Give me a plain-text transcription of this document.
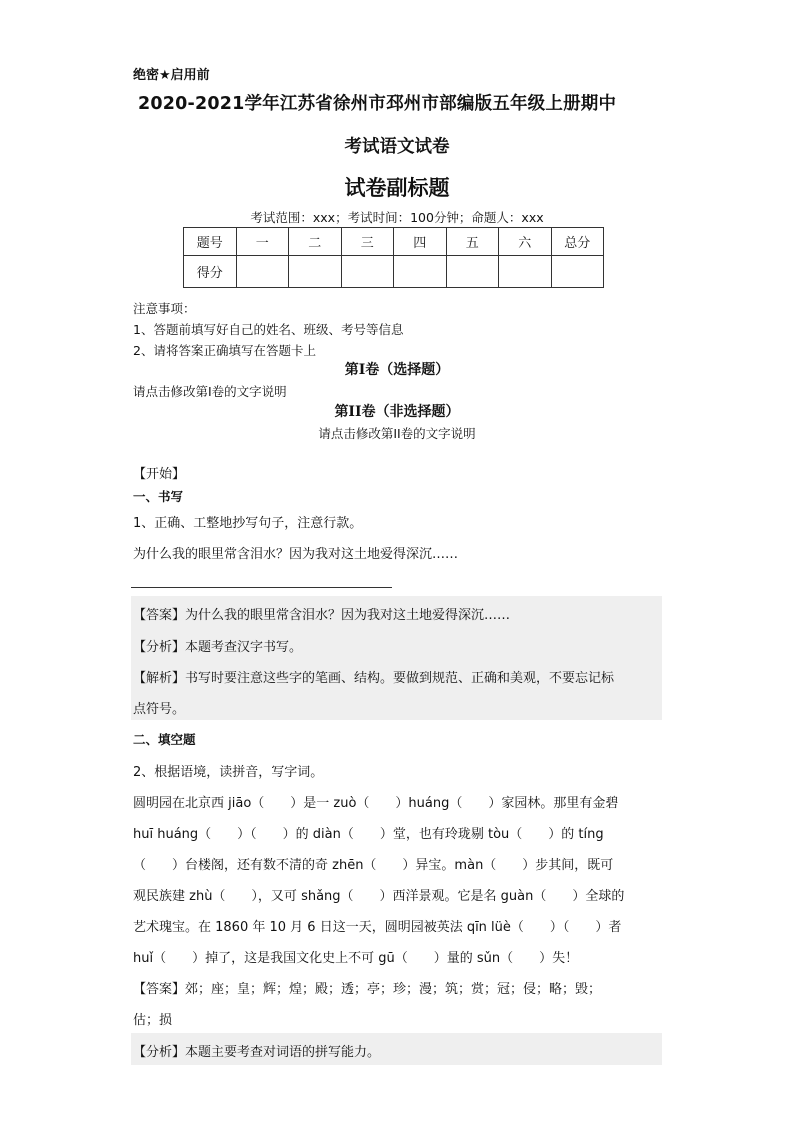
绝密★启用前
2020-2021学年江苏省徐州市邳州市部编版五年级上册期中
考试语文试卷
试卷副标题
考试范围：xxx；考试时间：100分钟；命题人：xxx
题号	一	二	三	四	五	六	总分
得分							
注意事项：
1、答题前填写好自己的姓名、班级、考号等信息
2、请将答案正确填写在答题卡上
第I卷（选择题）
请点击修改第I卷的文字说明
第II卷（非选择题）
请点击修改第II卷的文字说明
【开始】
一、书写
1、正确、工整地抄写句子，注意行款。
为什么我的眼里常含泪水？因为我对这土地爱得深沉……
【答案】为什么我的眼里常含泪水？因为我对这土地爱得深沉……
【分析】本题考查汉字书写。
【解析】书写时要注意这些字的笔画、结构。要做到规范、正确和美观，不要忘记标
点符号。
二、填空题
2、根据语境，读拼音，写字词。
圆明园在北京西 jiāo（　　）是一 zuò（　　）huáng（　　）家园林。那里有金碧
huī huáng（　　）（　　）的 diàn（　　）堂，也有玲珑剔 tòu（　　）的 tíng
（　　）台楼阁，还有数不清的奇 zhēn（　　）异宝。màn（　　）步其间，既可
观民族建 zhù（　　），又可 shǎng（　　）西洋景观。它是名 guàn（　　）全球的
艺术瑰宝。在 1860 年 10 月 6 日这一天，圆明园被英法 qīn lüè（　　）（　　）者
huǐ（　　）掉了，这是我国文化史上不可 gū（　　）量的 sǔn（　　）失！
【答案】郊；座；皇；辉；煌；殿；透；亭；珍；漫；筑；赏；冠；侵；略；毁；
估；损
【分析】本题主要考查对词语的拼写能力。
